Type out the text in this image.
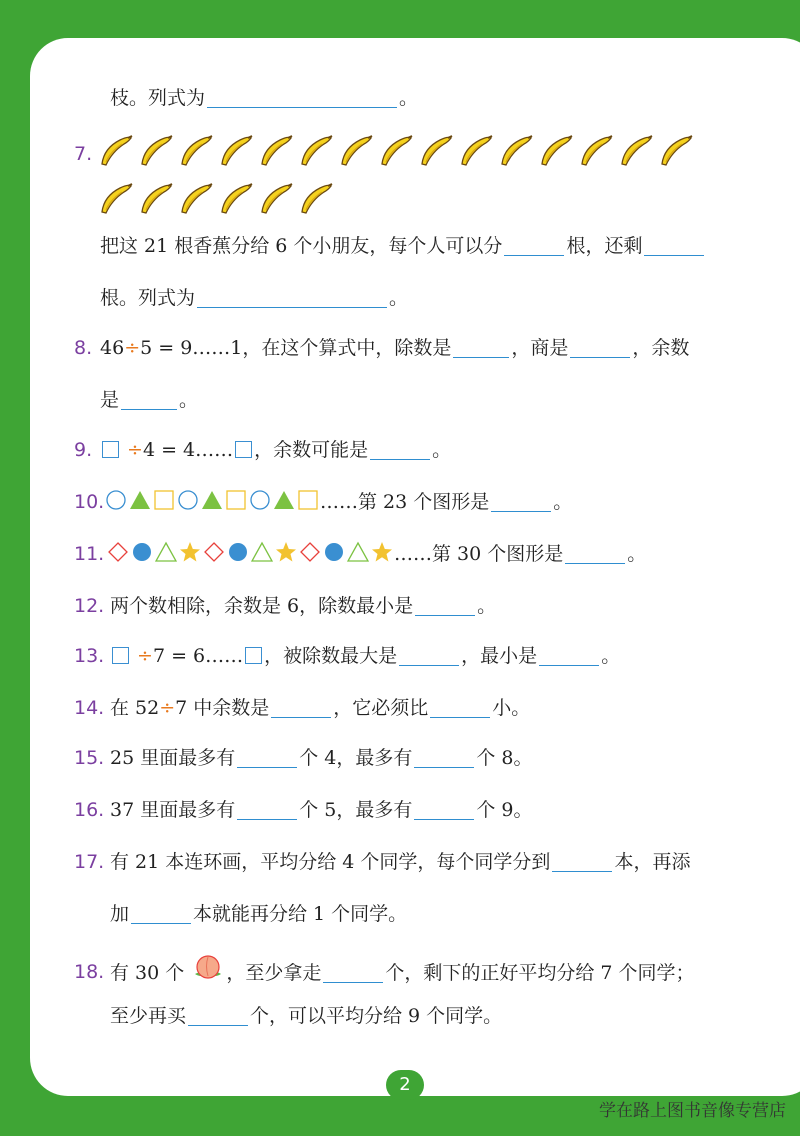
枝。列式为	。
7.
把这 21 根香蕉分给 6 个小朋友，每个人可以分	根，还剩
根。列式为	。
8. 46÷5 = 9……1，在这个算式中，除数是	，商是	，余数
是	。
9.	÷4 = 4…… ，余数可能是	。
10.	……第 23 个图形是	。
11.	……第 30 个图形是	。
12. 两个数相除，余数是 6，除数最小是	。
13.	÷7 = 6…… ，被除数最大是	，最小是	。
14. 在 52÷7 中余数是	，它必须比	小。
15. 25 里面最多有	个 4，最多有	个 8。
16. 37 里面最多有	个 5，最多有	个 9。
17. 有 21 本连环画，平均分给 4 个同学，每个同学分到	本，再添
加	本就能再分给 1 个同学。
18. 有 30 个 ，至少拿走	个，剩下的正好平均分给 7 个同学；
至少再买	个，可以平均分给 9 个同学。
2
学在路上图书音像专营店
